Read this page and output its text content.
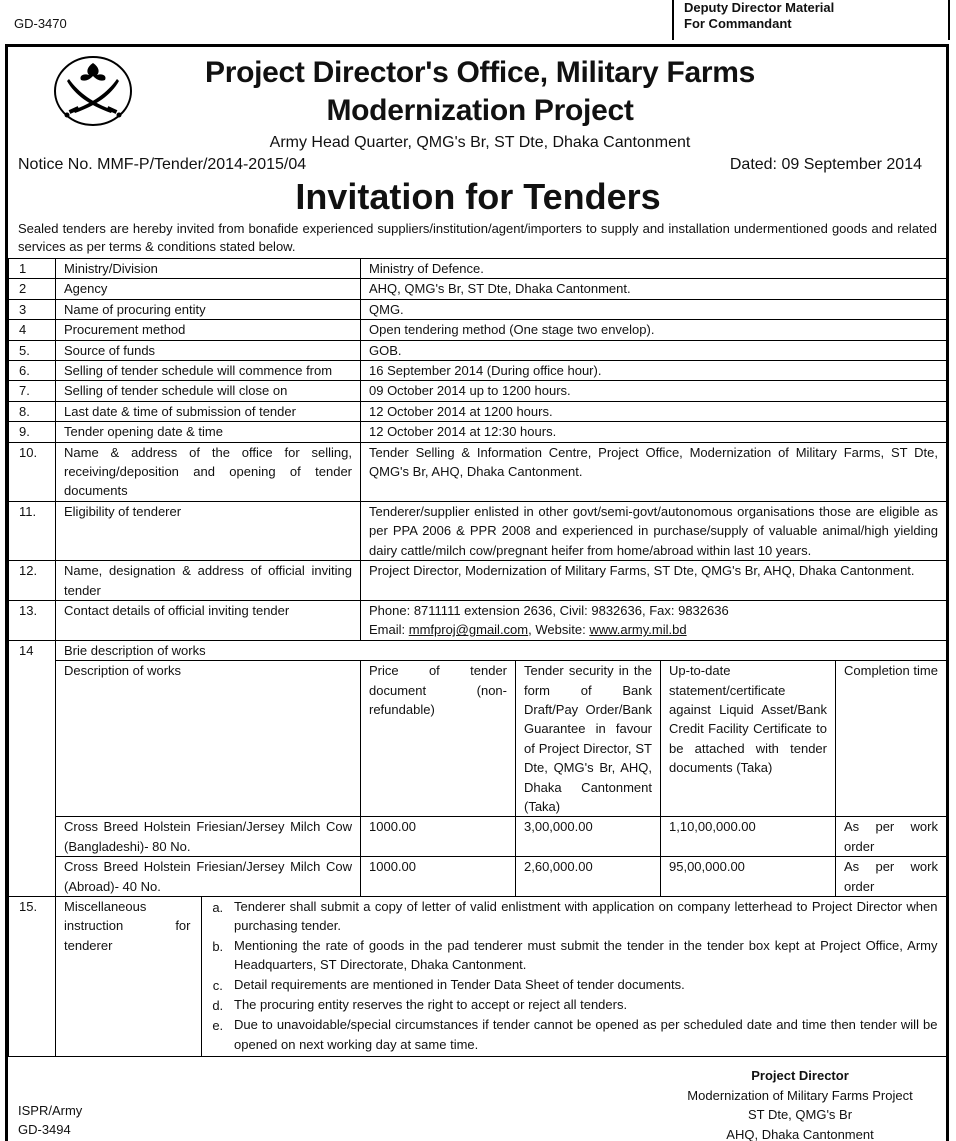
GD-3470
Deputy Director Material
For Commandant
Project Director's Office, Military Farms
Modernization Project
Army Head Quarter, QMG's Br, ST Dte, Dhaka Cantonment
Notice No. MMF-P/Tender/2014-2015/04	Dated: 09 September 2014
Invitation for Tenders
Sealed tenders are hereby invited from bonafide experienced suppliers/institution/agent/importers to supply and installation undermentioned goods and related services as per terms & conditions stated below.
1	Ministry/Division	Ministry of Defence.
2	Agency	AHQ, QMG's Br, ST Dte, Dhaka Cantonment.
3	Name of procuring entity	QMG.
4	Procurement method	Open tendering method (One stage two envelop).
5.	Source of funds	GOB.
6.	Selling of tender schedule will commence from	16 September 2014 (During office hour).
7.	Selling of tender schedule will close on	09 October 2014 up to 1200 hours.
8.	Last date & time of submission of tender	12 October 2014 at 1200 hours.
9.	Tender opening date & time	12 October 2014 at 12:30 hours.
10.	Name & address of the office for selling, receiving/deposition and opening of tender documents	Tender Selling & Information Centre, Project Office, Modernization of Military Farms, ST Dte, QMG's Br, AHQ, Dhaka Cantonment.
11.	Eligibility of tenderer	Tenderer/supplier enlisted in other govt/semi-govt/autonomous organisations those are eligible as per PPA 2006 & PPR 2008 and experienced in purchase/supply of valuable animal/high yielding dairy cattle/milch cow/pregnant heifer from home/abroad within last 10 years.
12.	Name, designation & address of official inviting tender	Project Director, Modernization of Military Farms, ST Dte, QMG's Br, AHQ, Dhaka Cantonment.
13.	Contact details of official inviting tender	Phone: 8711111 extension 2636, Civil: 9832636, Fax: 9832636
Email: mmfproj@gmail.com, Website: www.army.mil.bd

14	Brie description of works
	Description of works	Price of tender document (non-refundable)	Tender security in the form of Bank Draft/Pay Order/Bank Guarantee in favour of Project Director, ST Dte, QMG's Br, AHQ, Dhaka Cantonment (Taka)	Up-to-date statement/certificate against Liquid Asset/Bank Credit Facility Certificate to be attached with tender documents (Taka)	Completion time
	Cross Breed Holstein Friesian/Jersey Milch Cow (Bangladeshi)- 80 No.	1000.00	3,00,000.00	1,10,00,000.00	As per work order
	Cross Breed Holstein Friesian/Jersey Milch Cow (Abroad)- 40 No.	1000.00	2,60,000.00	95,00,000.00	As per work order
15.	Miscellaneous instruction for tenderer	a.	Tenderer shall submit a copy of letter of valid enlistment with application on company letterhead to Project Director when purchasing tender.
b.	Mentioning the rate of goods in the pad tenderer must submit the tender in the tender box kept at Project Office, Army Headquarters, ST Directorate, Dhaka Cantonment.
c.	Detail requirements are mentioned in Tender Data Sheet of tender documents.
d.	The procuring entity reserves the right to accept or reject all tenders.
e.	Due to unavoidable/special circumstances if tender cannot be opened as per scheduled date and time then tender will be opened on next working day at same time.
ISPR/Army
GD-3494
Project Director
Modernization of Military Farms Project
ST Dte, QMG's Br
AHQ, Dhaka Cantonment
